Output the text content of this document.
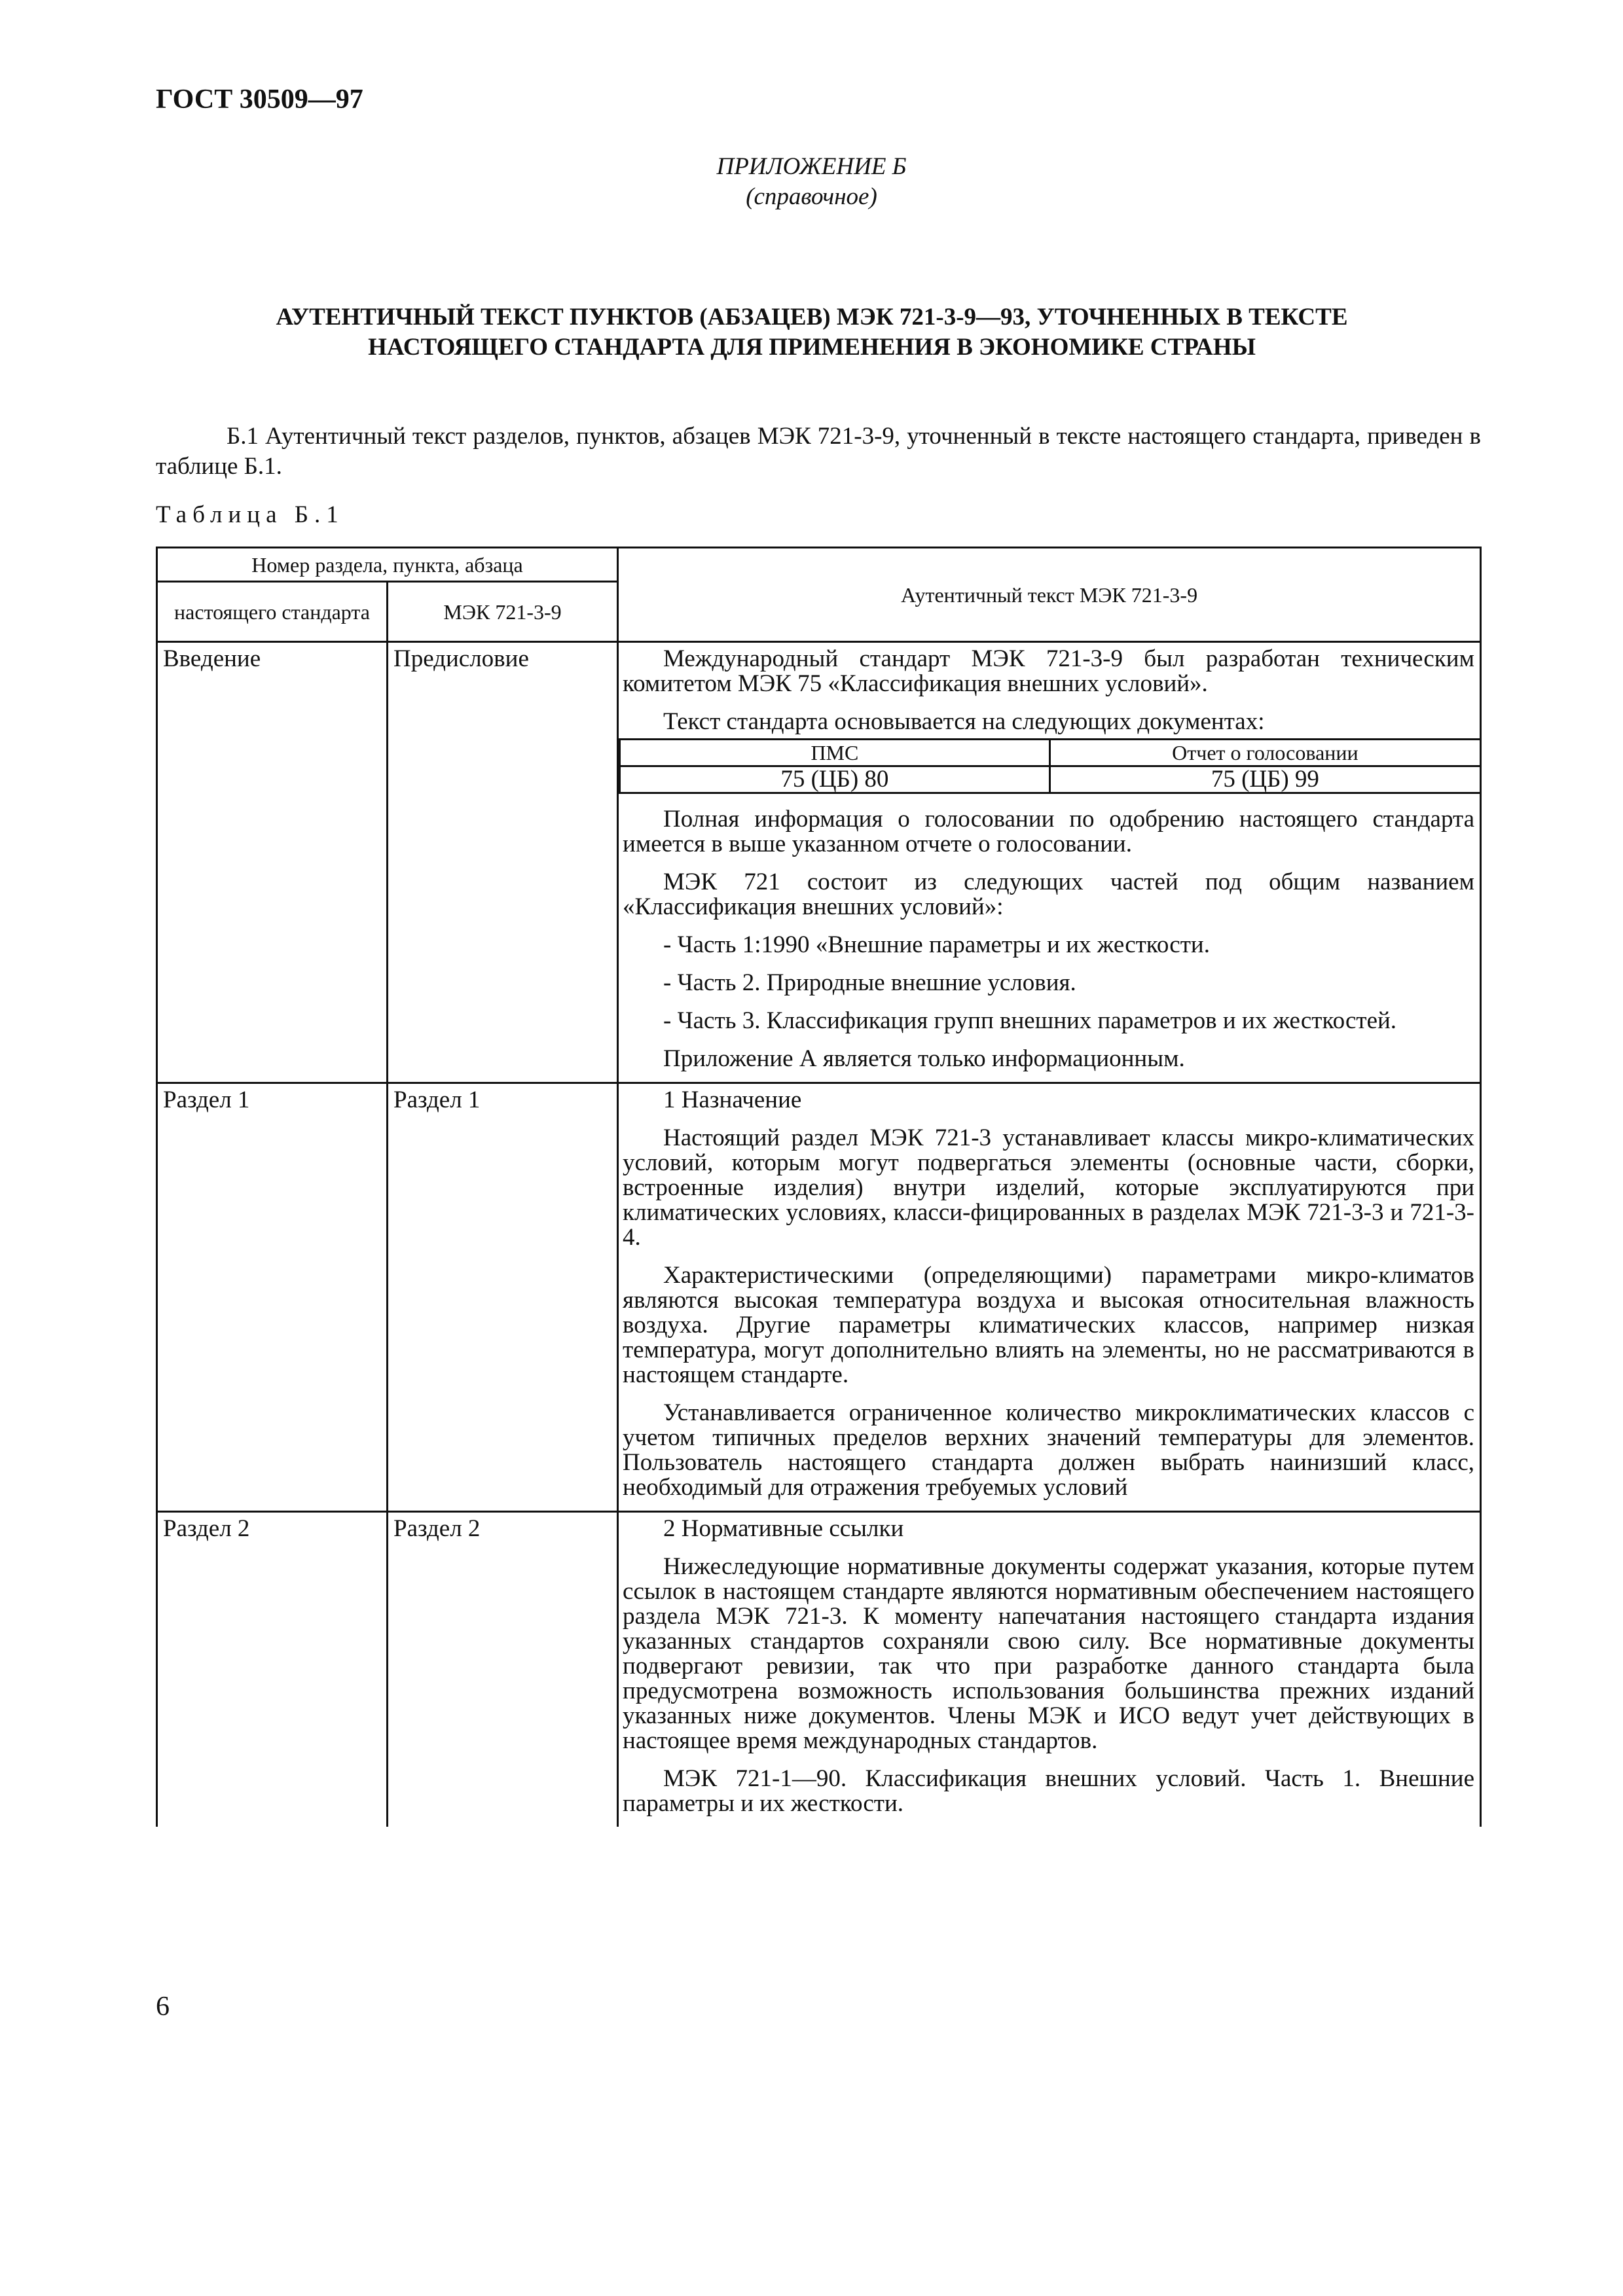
ГОСТ 30509—97
ПРИЛОЖЕНИЕ Б
(справочное)
АУТЕНТИЧНЫЙ ТЕКСТ ПУНКТОВ (АБЗАЦЕВ) МЭК 721-3-9—93, УТОЧНЕННЫХ В ТЕКСТЕ
НАСТОЯЩЕГО СТАНДАРТА ДЛЯ ПРИМЕНЕНИЯ В ЭКОНОМИКЕ СТРАНЫ
Б.1 Аутентичный текст разделов, пунктов, абзацев МЭК 721-3-9, уточненный в тексте настоящего стандарта, приведен в таблице Б.1.
Таблица Б.1
Номер раздела, пункта, абзаца	Аутентичный текст МЭК 721-3-9
настоящего стандарта	МЭК 721-3-9
Введение	Предисловие	Международный стандарт МЭК 721-3-9 был разработан техническим комитетом МЭК 75 «Классификация внешних условий».
Текст стандарта основывается на следующих документах:
ПМС	Отчет о голосовании
75 (ЦБ) 80	75 (ЦБ) 99
Полная информация о голосовании по одобрению настоящего стандарта имеется в выше указанном отчете о голосовании.
МЭК 721 состоит из следующих частей под общим названием «Классификация внешних условий»:
- Часть 1:1990 «Внешние параметры и их жесткости.
- Часть 2. Природные внешние условия.
- Часть 3. Классификация групп внешних параметров и их жесткостей.
Приложение А является только информационным.

Раздел 1	Раздел 1	1 Назначение
Настоящий раздел МЭК 721-3 устанавливает классы микро-климатических условий, которым могут подвергаться элементы (основные части, сборки, встроенные изделия) внутри изделий, которые эксплуатируются при климатических условиях, класси-фицированных в разделах МЭК 721-3-3 и 721-3-4.
Характеристическими (определяющими) параметрами микро-климатов являются высокая температура воздуха и высокая относительная влажность воздуха. Другие параметры климатических классов, например низкая температура, могут дополнительно влиять на элементы, но не рассматриваются в настоящем стандарте.
Устанавливается ограниченное количество микроклиматических классов с учетом типичных пределов верхних значений температуры для элементов. Пользователь настоящего стандарта должен выбрать наинизший класс, необходимый для отражения требуемых условий

Раздел 2	Раздел 2	2 Нормативные ссылки
Нижеследующие нормативные документы содержат указания, которые путем ссылок в настоящем стандарте являются нормативным обеспечением настоящего раздела МЭК 721-3. К моменту напечатания настоящего стандарта издания указанных стандартов сохраняли свою силу. Все нормативные документы подвергают ревизии, так что при разработке данного стандарта была предусмотрена возможность использования большинства прежних изданий указанных ниже документов. Члены МЭК и ИСО ведут учет действующих в настоящее время международных стандартов.
МЭК 721-1—90. Классификация внешних условий. Часть 1. Внешние параметры и их жесткости.
6
